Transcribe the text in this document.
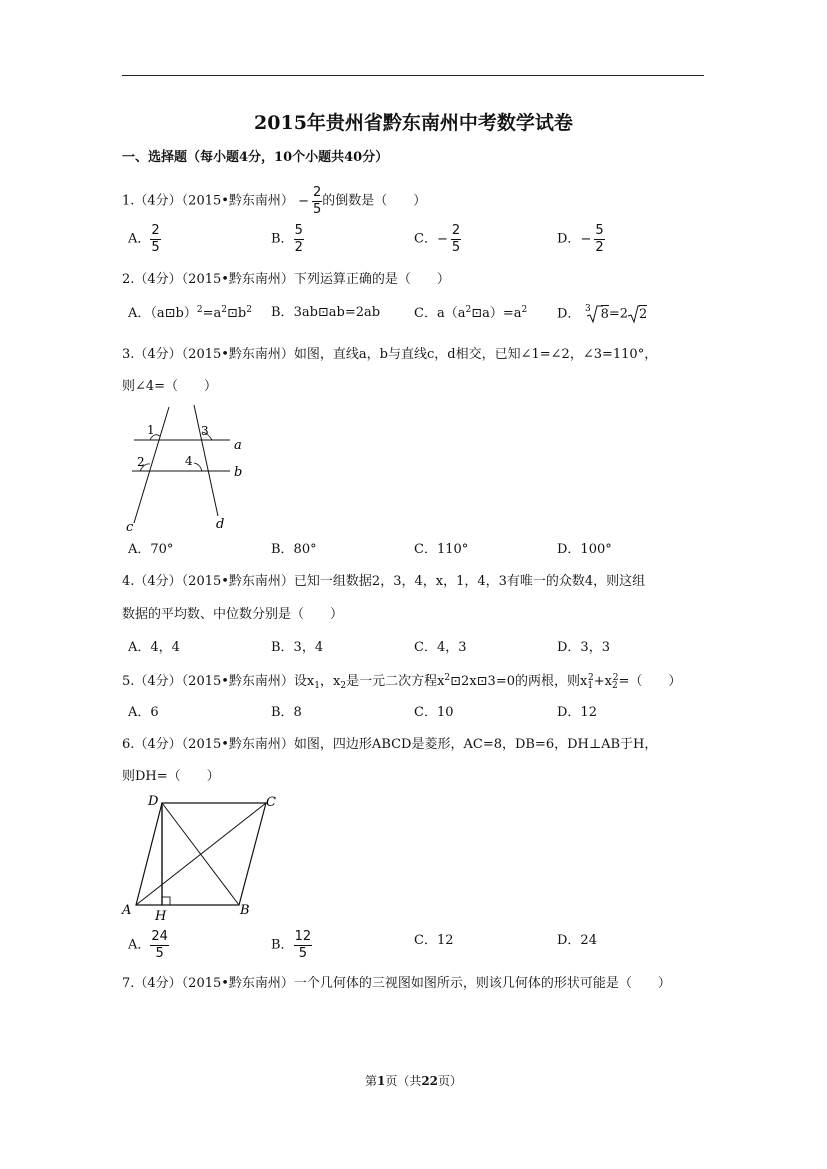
2015年贵州省黔东南州中考数学试卷
一、选择题（每小题4分，10个小题共40分）
1.（4分）（2015•黔东南州） − $\frac{2}{5}$ 的倒数是（　　）
A． $\frac{2}{5}$	B． $\frac{5}{2}$	C．− $\frac{2}{5}$	D．− $\frac{5}{2}$
2.（4分）（2015•黔东南州）下列运算正确的是（　　）
A．$(a⊡b)^2=a^2⊡b^2$ B．3ab⊡ab=2ab	C．$a(a^2⊡a)=a^2$ D． 3 8=2 2
3.（4分）（2015•黔东南州）如图，直线a，b与直线c，d相交，已知∠1=∠2，∠3=110°，
则∠4=（　　）
1	3
2	4
a
b
c	d
A．70°	B．80°	C．110°	D．100°
4.（4分）（2015•黔东南州）已知一组数据2，3，4，x，1，4，3有唯一的众数4，则这组
数据的平均数、中位数分别是（　　）
A．4，4	B．3，4	C．4，3	D．3，3
5.（4分）（2015•黔东南州）设$x_1$，$x_2$是一元二次方程$x^2⊡2x⊡3=0$的两根，则$x_1^2+x_2^2=$（　　）
A．6	B．8	C．10	D．12
6.（4分）（2015•黔东南州）如图，四边形ABCD是菱形，AC=8，DB=6，DH⊥AB于H，
则DH=（　　）
D	C
A	B
H
A． $\frac{24}{5}$	B． $\frac{12}{5}$	C．12	D．24
7.（4分）（2015•黔东南州）一个几何体的三视图如图所示，则该几何体的形状可能是（　　）
第1页（共22页）
